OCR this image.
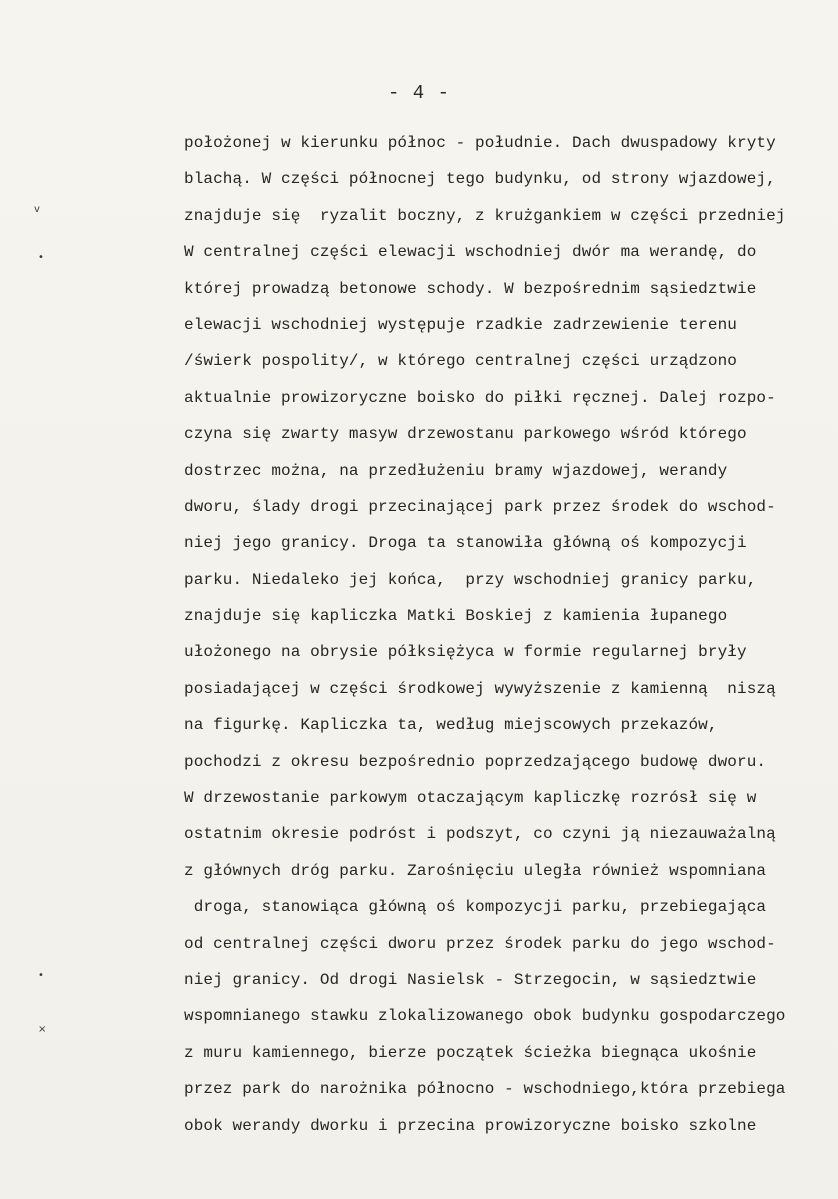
- 4 -
v
•
•
×
położonej w kierunku północ - południe. Dach dwuspadowy kryty
blachą. W części północnej tego budynku, od strony wjazdowej,
znajduje się  ryzalit boczny, z krużgankiem w części przedniej
W centralnej części elewacji wschodniej dwór ma werandę, do
której prowadzą betonowe schody. W bezpośrednim sąsiedztwie
elewacji wschodniej występuje rzadkie zadrzewienie terenu
/świerk pospolity/, w którego centralnej części urządzono
aktualnie prowizoryczne boisko do piłki ręcznej. Dalej rozpo-
czyna się zwarty masyw drzewostanu parkowego wśród którego
dostrzec można, na przedłużeniu bramy wjazdowej, werandy
dworu, ślady drogi przecinającej park przez środek do wschod-
niej jego granicy. Droga ta stanowiła główną oś kompozycji
parku. Niedaleko jej końca,  przy wschodniej granicy parku,
znajduje się kapliczka Matki Boskiej z kamienia łupanego
ułożonego na obrysie półksiężyca w formie regularnej bryły
posiadającej w części środkowej wywyższenie z kamienną  niszą
na figurkę. Kapliczka ta, według miejscowych przekazów,
pochodzi z okresu bezpośrednio poprzedzającego budowę dworu.
W drzewostanie parkowym otaczającym kapliczkę rozrósł się w
ostatnim okresie podróst i podszyt, co czyni ją niezauważalną
z głównych dróg parku. Zarośnięciu uległa również wspomniana
droga, stanowiąca główną oś kompozycji parku, przebiegająca
od centralnej części dworu przez środek parku do jego wschod-
niej granicy. Od drogi Nasielsk - Strzegocin, w sąsiedztwie
wspomnianego stawku zlokalizowanego obok budynku gospodarczego
z muru kamiennego, bierze początek ścieżka biegnąca ukośnie
przez park do narożnika północno - wschodniego,która przebiega
obok werandy dworku i przecina prowizoryczne boisko szkolne
